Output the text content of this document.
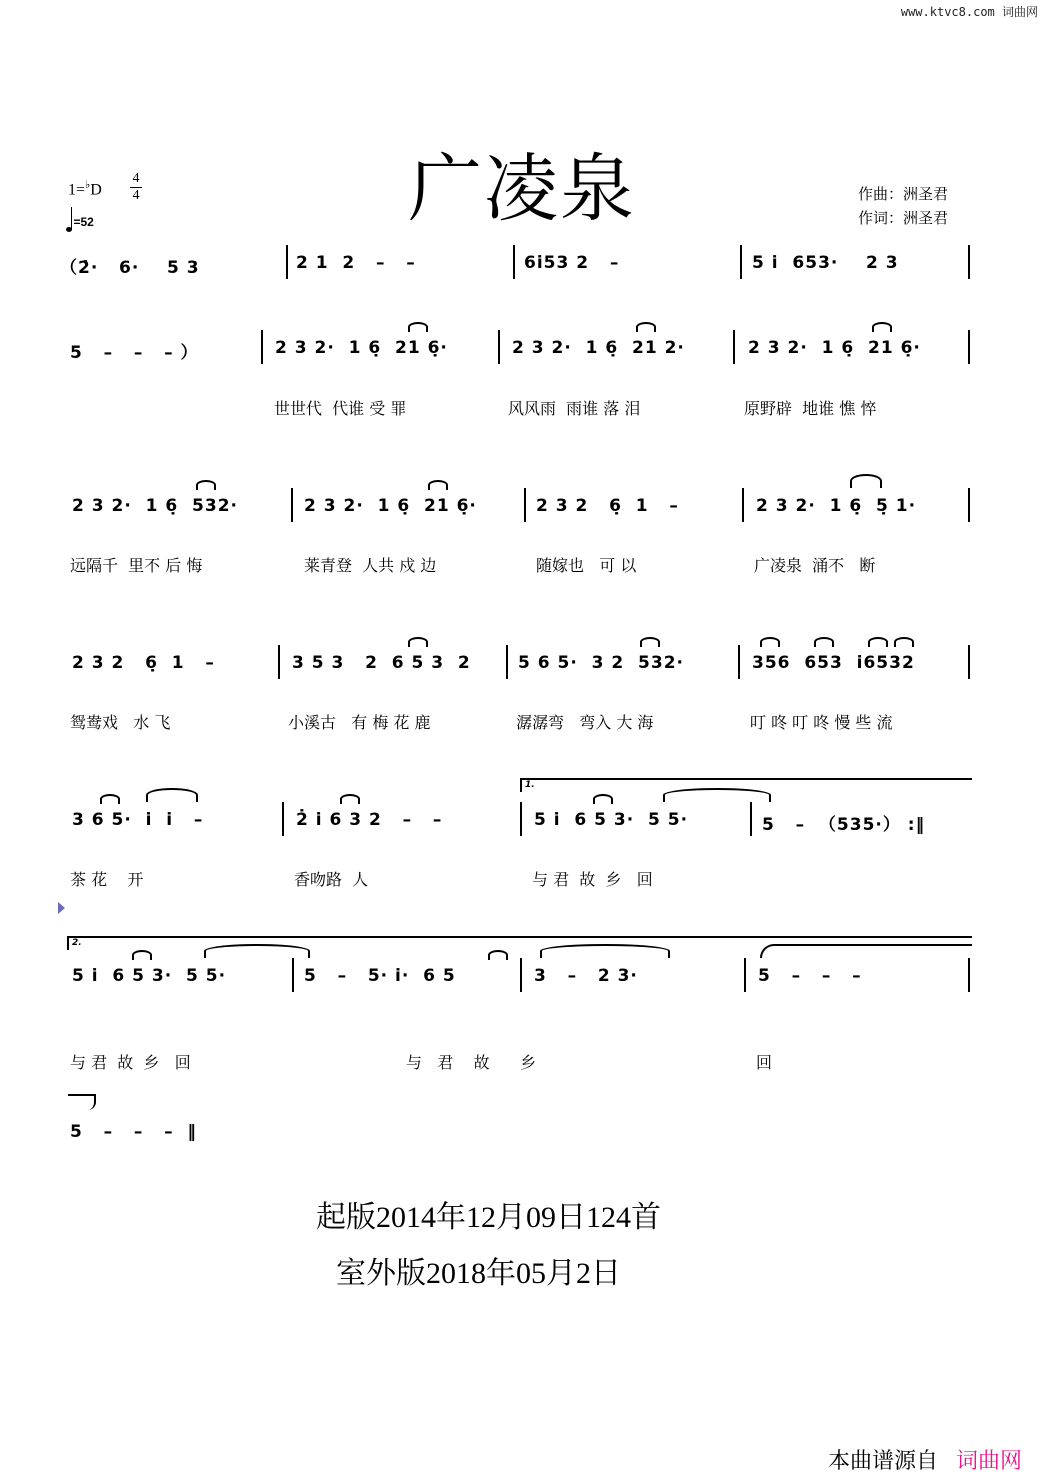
www.ktvc8.com 词曲网
广凌泉
1=♭D
4
4
=52
作曲：洲圣君
作词：洲圣君
（2̇·   6·    5 3	2 1  2   –   –	6i̇53 2   –	5 i̇  653·    2 3
5   –   –   – ）	2 3 2·  1 6̣  21 6̣·	2 3 2·  1 6̣  21 2·	2 3 2·  1 6̣  21 6̣·
世世代  代谁 受 罪	风风雨  雨谁 落 泪	原野辟  地谁 憔 悴
2 3 2·  1 6̣  532·	2 3 2·  1 6̣  21 6̣·	2 3 2   6̣  1   –	2 3 2·  1 6̣  5̣ 1·
远隔千  里不 后 悔	莱青登  人共 戍 边	随嫁也   可 以	广凌泉  涌不   断
2 3 2   6̣  1   –	3 5 3   2  6 5 3  2	5 6 5·  3 2  532·	356  653  i̇6532
鸳鸯戏   水 飞	小溪古   有 梅 花 鹿	潺潺弯   弯入 大 海	叮 咚 叮 咚 慢 些 流
3 6 5·  i̇  i̇   –	2̇ i̇ 6 3 2   –   –
1.
5 i̇  6 5 3·  5 5·	5   –  （535·） :‖
茶 花    开	香吻路  人	与 君  故  乡   回
2.
5 i̇  6 5 3·  5 5·	5   –   5· i̇·  6 5	3   –   2 3·	5   –   –   –
与 君  故  乡   回	与   君    故      乡	回
5   –   –   –  ‖
起版2014年12月09日124首
室外版2018年05月2日
本曲谱源自 词曲网
